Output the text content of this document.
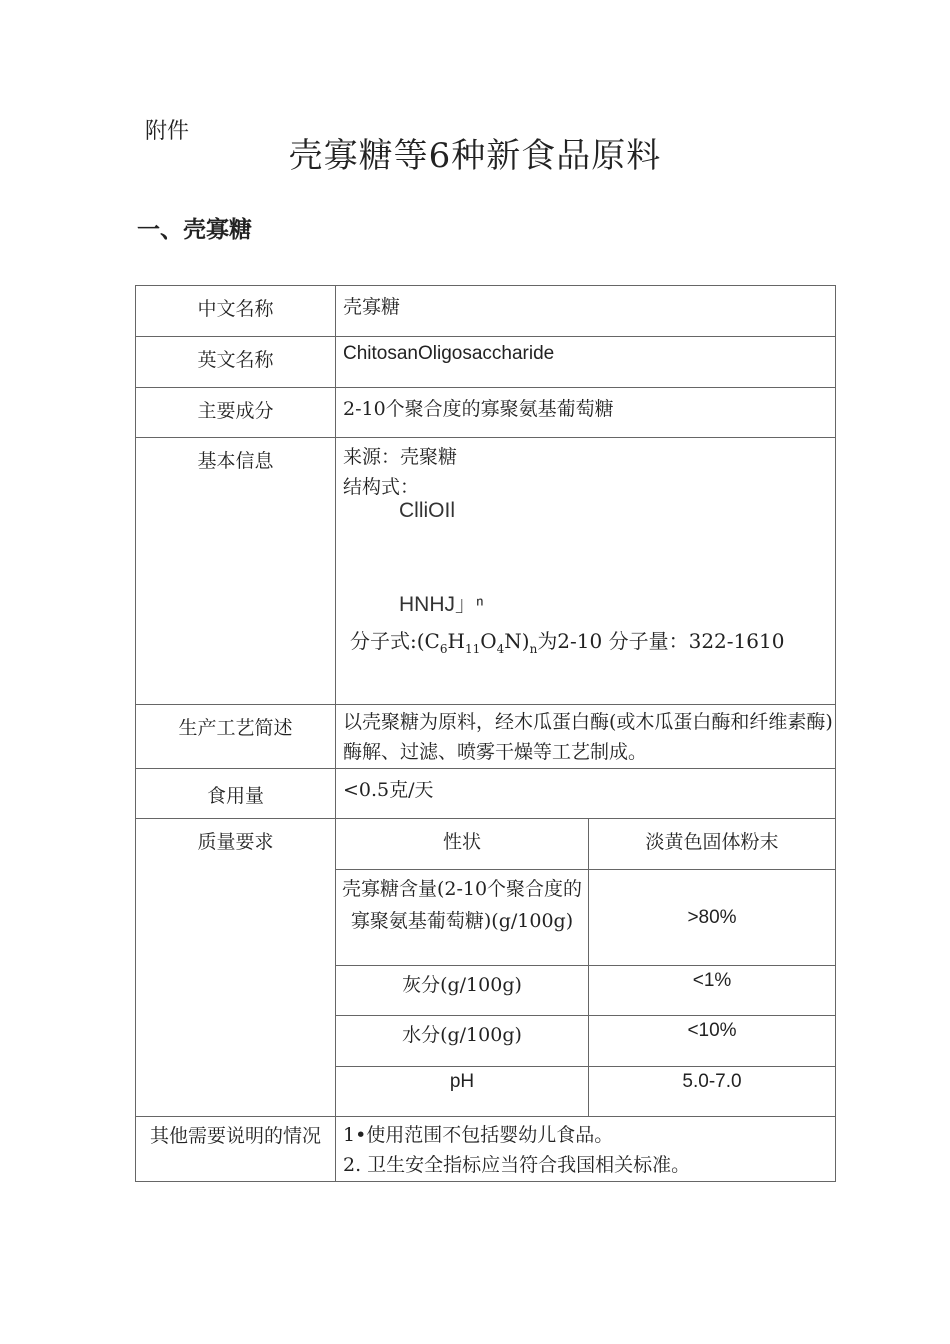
附件
壳寡糖等6种新食品原料
一、壳寡糖
中文名称	壳寡糖	
英文名称	ChitosanOligosaccharide	
主要成分	2-10个聚合度的寡聚氨基葡萄糖	
基本信息	来源：壳聚糖
结构式：
ClliOIl
HNHJ」ⁿ
分子式$:(C_6H_{11}O_4N)_n$为2-10 分子量：322-1610	

生产工艺简述	以壳聚糖为原料，经木瓜蛋白酶(或木瓜蛋白酶和纤维素酶)酶解、过滤、喷雾干燥等工艺制成。	
食用量	<0.5克/天	
质量要求	性状	淡黄色固体粉末
	壳寡糖含量(2-10个聚合度的寡聚氨基葡萄糖)(g/100g)	>80%
	灰分(g/100g)	<1%
	水分(g/100g)	<10%
	pH	5.0-7.0
其他需要说明的情况	1•使用范围不包括婴幼儿食品。
2. 卫生安全指标应当符合我国相关标准。	
